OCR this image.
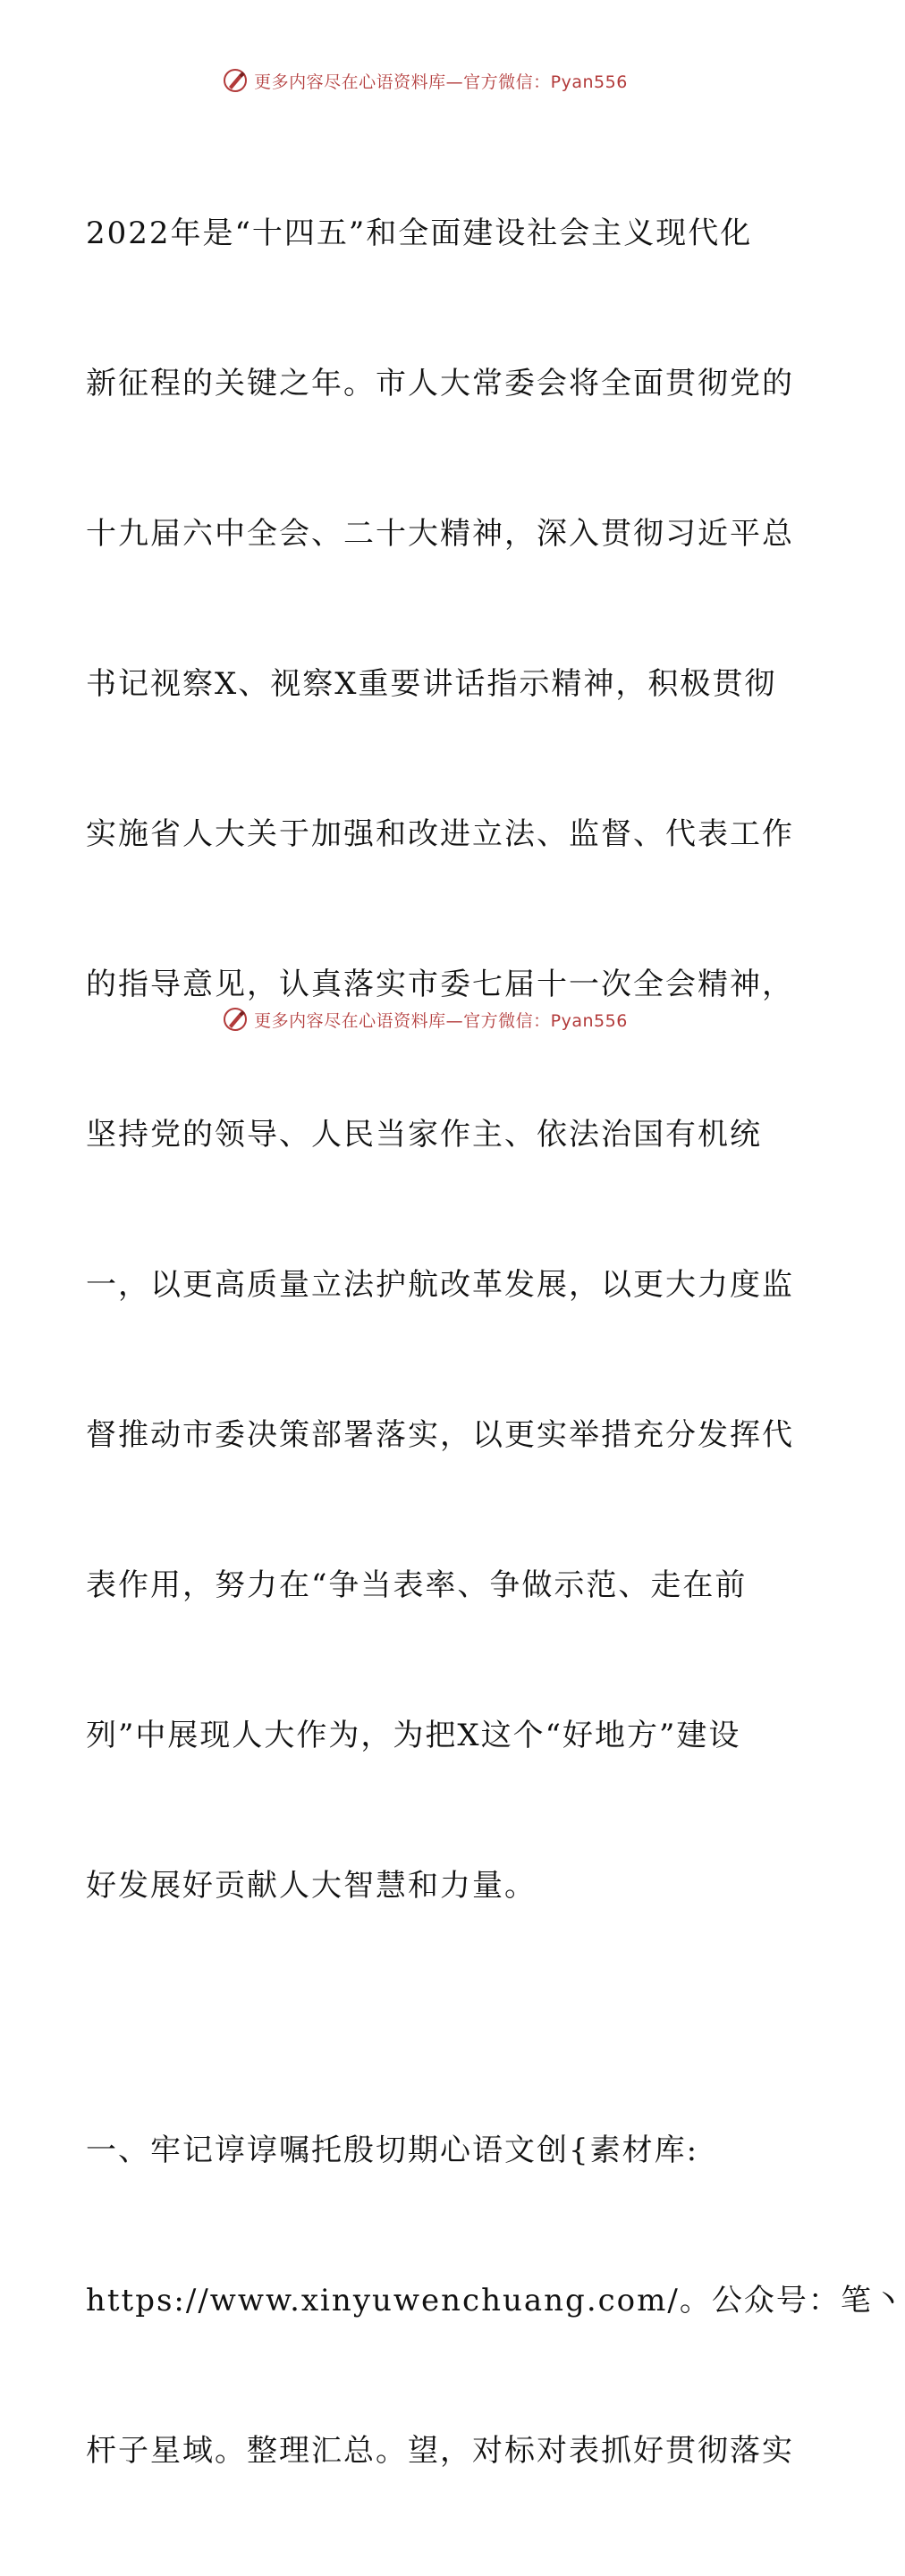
更多内容尽在心语资料库—官方微信：Pyan556

2022年是“十四五”和全面建设社会主义现代化

新征程的关键之年。市人大常委会将全面贯彻党的

十九届六中全会、二十大精神，深入贯彻习近平总

书记视察X、视察X重要讲话指示精神，积极贯彻

实施省人大关于加强和改进立法、监督、代表工作

的指导意见，认真落实市委七届十一次全会精神，

坚持党的领导、人民当家作主、依法治国有机统

一，以更高质量立法护航改革发展，以更大力度监

督推动市委决策部署落实，以更实举措充分发挥代

表作用，努力在“争当表率、争做示范、走在前

列”中展现人大作为，为把X这个“好地方”建设

好发展好贡献人大智慧和力量。

一、牢记谆谆嘱托殷切期心语文创{素材库:

https://www.xinyuwenchuang.com/。公众号：笔丶

杆子星域。整理汇总。望，对标对表抓好贯彻落实

更多内容尽在心语资料库—官方微信：Pyan556
